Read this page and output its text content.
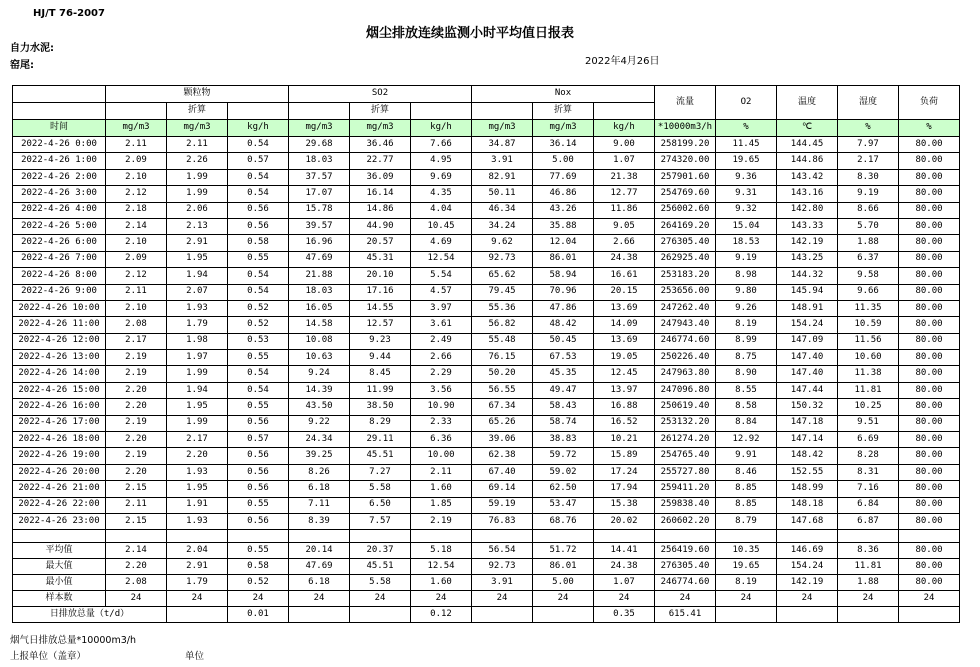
HJ/T 76-2007
烟尘排放连续监测小时平均值日报表
自力水泥:
窑尾:	2022年4月26日
	颗粒物			SO2			Nox			流量	O2	温度	湿度	负荷
		折算			折算			折算						
时间	mg/m3	mg/m3	kg/h	mg/m3	mg/m3	kg/h	mg/m3	mg/m3	kg/h	*10000m3/h	%	℃	%	%
2022-4-26 0:00	2.11	2.11	0.54	29.68	36.46	7.66	34.87	36.14	9.00	258199.20	11.45	144.45	7.97	80.00
2022-4-26 1:00	2.09	2.26	0.57	18.03	22.77	4.95	3.91	5.00	1.07	274320.00	19.65	144.86	2.17	80.00
2022-4-26 2:00	2.10	1.99	0.54	37.57	36.09	9.69	82.91	77.69	21.38	257901.60	9.36	143.42	8.30	80.00
2022-4-26 3:00	2.12	1.99	0.54	17.07	16.14	4.35	50.11	46.86	12.77	254769.60	9.31	143.16	9.19	80.00
2022-4-26 4:00	2.18	2.06	0.56	15.78	14.86	4.04	46.34	43.26	11.86	256002.60	9.32	142.80	8.66	80.00
2022-4-26 5:00	2.14	2.13	0.56	39.57	44.90	10.45	34.24	35.88	9.05	264169.20	15.04	143.33	5.70	80.00
2022-4-26 6:00	2.10	2.91	0.58	16.96	20.57	4.69	9.62	12.04	2.66	276305.40	18.53	142.19	1.88	80.00
2022-4-26 7:00	2.09	1.95	0.55	47.69	45.31	12.54	92.73	86.01	24.38	262925.40	9.19	143.25	6.37	80.00
2022-4-26 8:00	2.12	1.94	0.54	21.88	20.10	5.54	65.62	58.94	16.61	253183.20	8.98	144.32	9.58	80.00
2022-4-26 9:00	2.11	2.07	0.54	18.03	17.16	4.57	79.45	70.96	20.15	253656.00	9.80	145.94	9.66	80.00
2022-4-26 10:00	2.10	1.93	0.52	16.05	14.55	3.97	55.36	47.86	13.69	247262.40	9.26	148.91	11.35	80.00
2022-4-26 11:00	2.08	1.79	0.52	14.58	12.57	3.61	56.82	48.42	14.09	247943.40	8.19	154.24	10.59	80.00
2022-4-26 12:00	2.17	1.98	0.53	10.08	9.23	2.49	55.48	50.45	13.69	246774.60	8.99	147.09	11.56	80.00
2022-4-26 13:00	2.19	1.97	0.55	10.63	9.44	2.66	76.15	67.53	19.05	250226.40	8.75	147.40	10.60	80.00
2022-4-26 14:00	2.19	1.99	0.54	9.24	8.45	2.29	50.20	45.35	12.45	247963.80	8.90	147.40	11.38	80.00
2022-4-26 15:00	2.20	1.94	0.54	14.39	11.99	3.56	56.55	49.47	13.97	247096.80	8.55	147.44	11.81	80.00
2022-4-26 16:00	2.20	1.95	0.55	43.50	38.50	10.90	67.34	58.43	16.88	250619.40	8.58	150.32	10.25	80.00
2022-4-26 17:00	2.19	1.99	0.56	9.22	8.29	2.33	65.26	58.74	16.52	253132.20	8.84	147.18	9.51	80.00
2022-4-26 18:00	2.20	2.17	0.57	24.34	29.11	6.36	39.06	38.83	10.21	261274.20	12.92	147.14	6.69	80.00
2022-4-26 19:00	2.19	2.20	0.56	39.25	45.51	10.00	62.38	59.72	15.89	254765.40	9.91	148.42	8.28	80.00
2022-4-26 20:00	2.20	1.93	0.56	8.26	7.27	2.11	67.40	59.02	17.24	255727.80	8.46	152.55	8.31	80.00
2022-4-26 21:00	2.15	1.95	0.56	6.18	5.58	1.60	69.14	62.50	17.94	259411.20	8.85	148.99	7.16	80.00
2022-4-26 22:00	2.11	1.91	0.55	7.11	6.50	1.85	59.19	53.47	15.38	259838.40	8.85	148.18	6.84	80.00
2022-4-26 23:00	2.15	1.93	0.56	8.39	7.57	2.19	76.83	68.76	20.02	260602.20	8.79	147.68	6.87	80.00

平均值	2.14	2.04	0.55	20.14	20.37	5.18	56.54	51.72	14.41	256419.60	10.35	146.69	8.36	80.00
最大值	2.20	2.91	0.58	47.69	45.51	12.54	92.73	86.01	24.38	276305.40	19.65	154.24	11.81	80.00
最小值	2.08	1.79	0.52	6.18	5.58	1.60	3.91	5.00	1.07	246774.60	8.19	142.19	1.88	80.00
样本数	24	24	24	24	24	24	24	24	24	24	24	24	24	24
日排放总量（t/d）			0.01			0.12			0.35	615.41				
烟气日排放总量*10000m3/h
上报单位（盖章）	单位
